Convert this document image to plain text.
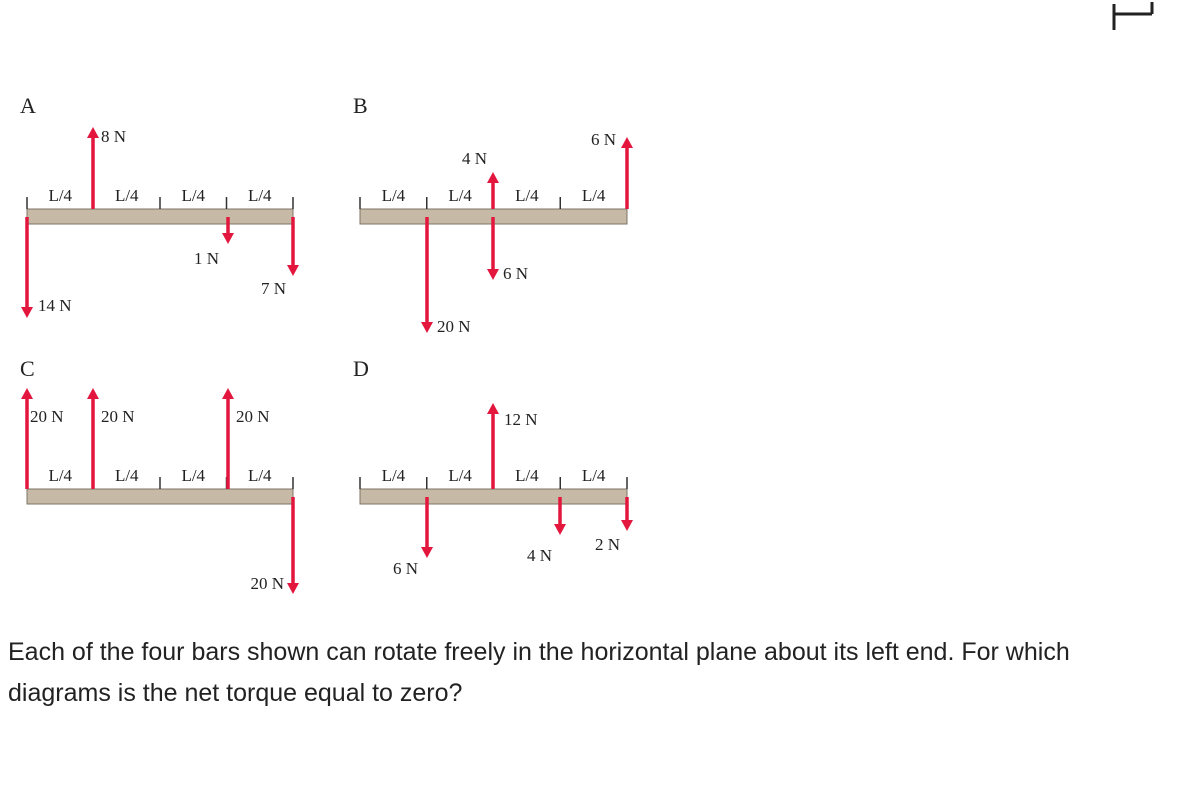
A
L/4	L/4	L/4	L/4
8 N
1 N
7 N
14 N
B
L/4	L/4	L/4	L/4
4 N
6 N
6 N
20 N
C
L/4	L/4	L/4	L/4
20 N 20 N	20 N
20 N
D
L/4	L/4	L/4	L/4
12 N
6 N
4 N
2 N

Each of the four bars shown can rotate freely in the horizontal plane about its left end. For which diagrams is the net torque equal to zero?
